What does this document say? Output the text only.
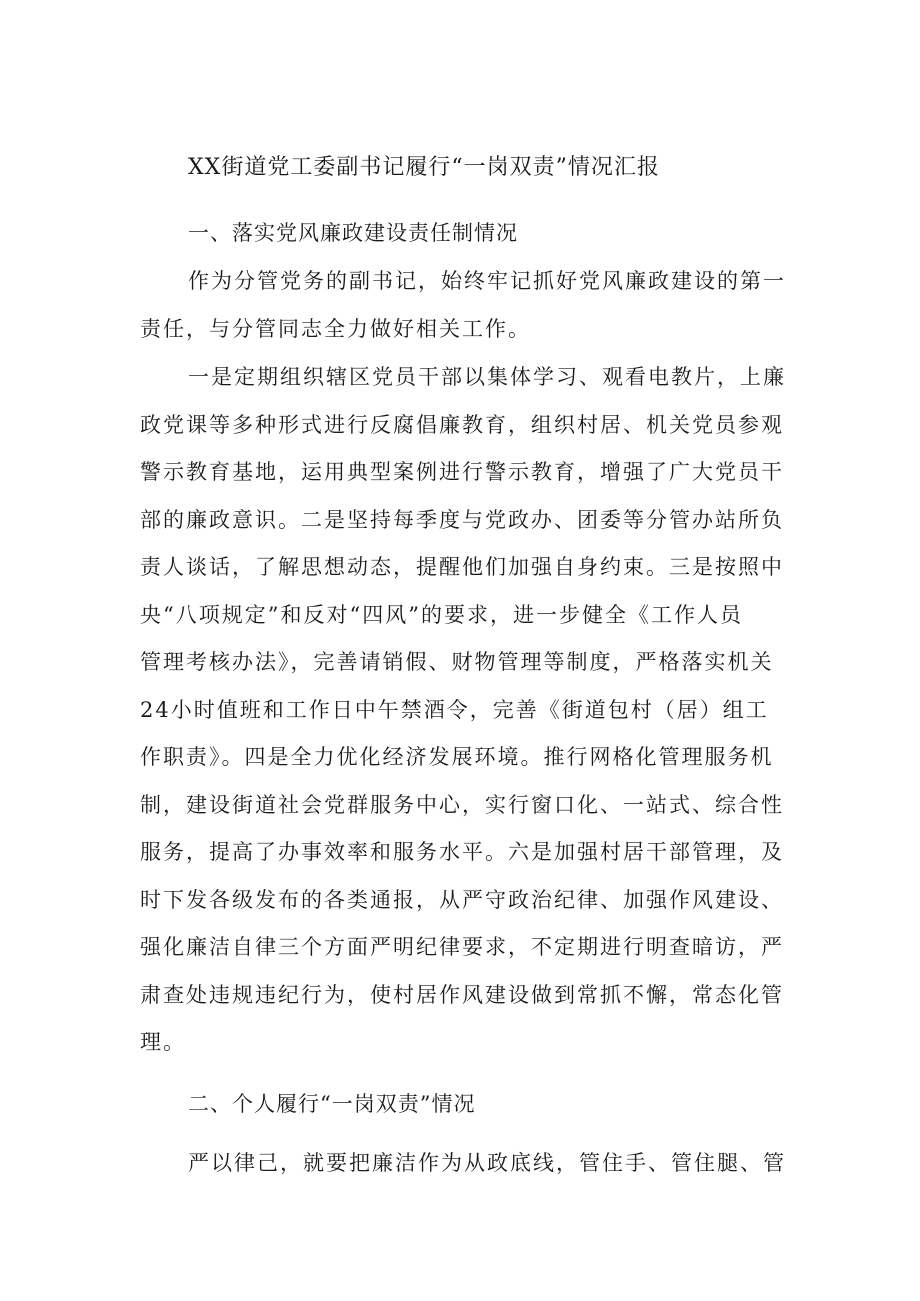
XX街道党工委副书记履行“一岗双责”情况汇报
一、落实党风廉政建设责任制情况
作为分管党务的副书记，始终牢记抓好党风廉政建设的第一
责任，与分管同志全力做好相关工作。
一是定期组织辖区党员干部以集体学习、观看电教片，上廉
政党课等多种形式进行反腐倡廉教育，组织村居、机关党员参观
警示教育基地，运用典型案例进行警示教育，增强了广大党员干
部的廉政意识。二是坚持每季度与党政办、团委等分管办站所负
责人谈话，了解思想动态，提醒他们加强自身约束。三是按照中
央“八项规定”和反对“四风”的要求，进一步健全《工作人员
管理考核办法》，完善请销假、财物管理等制度，严格落实机关
24小时值班和工作日中午禁酒令，完善《街道包村（居）组工
作职责》。四是全力优化经济发展环境。推行网格化管理服务机
制，建设街道社会党群服务中心，实行窗口化、一站式、综合性
服务，提高了办事效率和服务水平。六是加强村居干部管理，及
时下发各级发布的各类通报，从严守政治纪律、加强作风建设、
强化廉洁自律三个方面严明纪律要求，不定期进行明查暗访，严
肃查处违规违纪行为，使村居作风建设做到常抓不懈，常态化管
理。
二、个人履行“一岗双责”情况
严以律己，就要把廉洁作为从政底线，管住手、管住腿、管
